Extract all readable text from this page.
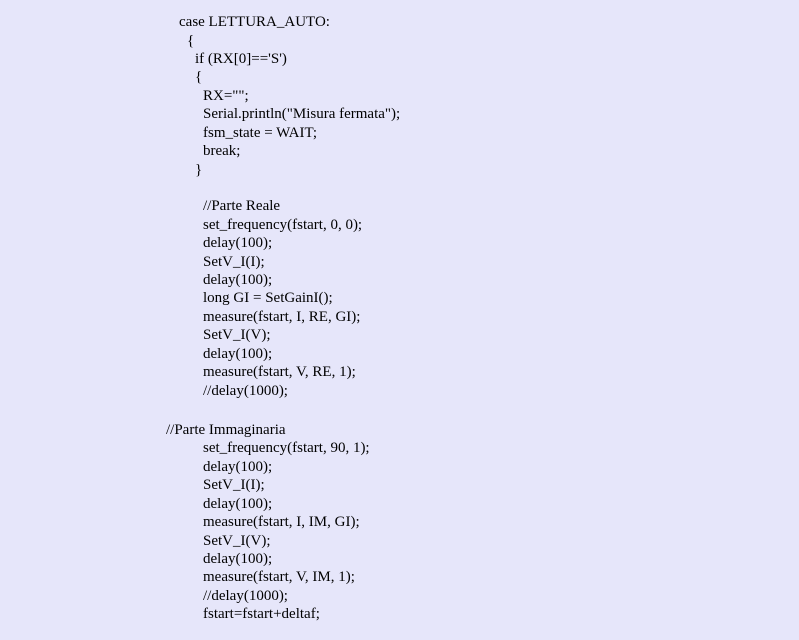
case LETTURA_AUTO:
{
if (RX[0]=='S')
{
RX="";
Serial.println("Misura fermata");
fsm_state = WAIT;
break;
}
//Parte Reale
set_frequency(fstart, 0, 0);
delay(100);
SetV_I(I);
delay(100);
long GI = SetGainI();
measure(fstart, I, RE, GI);
SetV_I(V);
delay(100);
measure(fstart, V, RE, 1);
//delay(1000);
//Parte Immaginaria
set_frequency(fstart, 90, 1);
delay(100);
SetV_I(I);
delay(100);
measure(fstart, I, IM, GI);
SetV_I(V);
delay(100);
measure(fstart, V, IM, 1);
//delay(1000);
fstart=fstart+deltaf;
